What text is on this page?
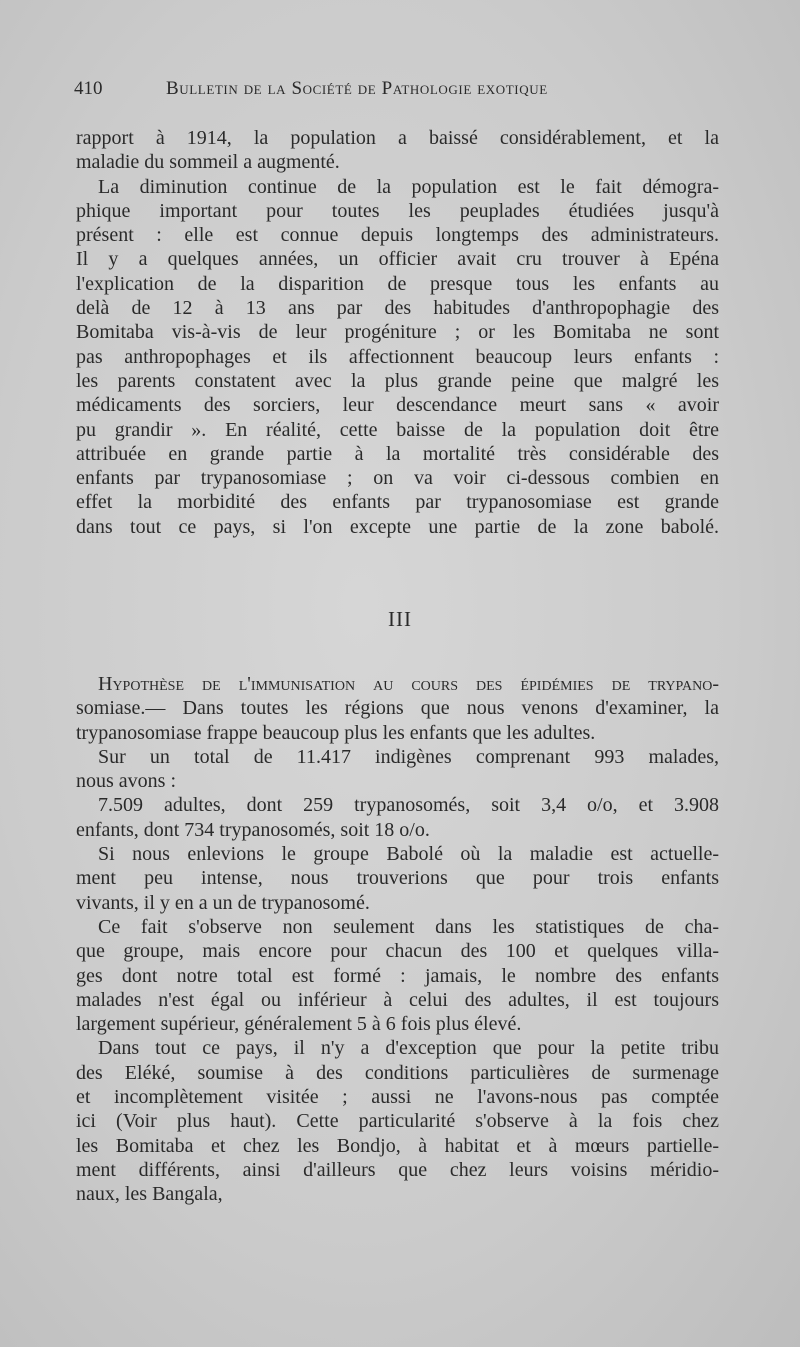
410	Bulletin de la Société de Pathologie exotique
rapport à 1914, la population a baissé considérablement, et la
maladie du sommeil a augmenté.
La diminution continue de la population est le fait démogra-
phique important pour toutes les peuplades étudiées jusqu'à
présent : elle est connue depuis longtemps des administrateurs.
Il y a quelques années, un officier avait cru trouver à Epéna
l'explication de la disparition de presque tous les enfants au
delà de 12 à 13 ans par des habitudes d'anthropophagie des
Bomitaba vis-à-vis de leur progéniture ; or les Bomitaba ne sont
pas anthropophages et ils affectionnent beaucoup leurs enfants :
les parents constatent avec la plus grande peine que malgré les
médicaments des sorciers, leur descendance meurt sans « avoir
pu grandir ». En réalité, cette baisse de la population doit être
attribuée en grande partie à la mortalité très considérable des
enfants par trypanosomiase ; on va voir ci-dessous combien en
effet la morbidité des enfants par trypanosomiase est grande
dans tout ce pays, si l'on excepte une partie de la zone babolé.
III
Hypothèse de l'immunisation au cours des épidémies de trypano-
somiase.— Dans toutes les régions que nous venons d'examiner, la
trypanosomiase frappe beaucoup plus les enfants que les adultes.
Sur un total de 11.417 indigènes comprenant 993 malades,
nous avons :
7.509 adultes, dont 259 trypanosomés, soit 3,4 o/o, et 3.908
enfants, dont 734 trypanosomés, soit 18 o/o.
Si nous enlevions le groupe Babolé où la maladie est actuelle-
ment peu intense, nous trouverions que pour trois enfants
vivants, il y en a un de trypanosomé.
Ce fait s'observe non seulement dans les statistiques de cha-
que groupe, mais encore pour chacun des 100 et quelques villa-
ges dont notre total est formé : jamais, le nombre des enfants
malades n'est égal ou inférieur à celui des adultes, il est toujours
largement supérieur, généralement 5 à 6 fois plus élevé.
Dans tout ce pays, il n'y a d'exception que pour la petite tribu
des Eléké, soumise à des conditions particulières de surmenage
et incomplètement visitée ; aussi ne l'avons-nous pas comptée
ici (Voir plus haut). Cette particularité s'observe à la fois chez
les Bomitaba et chez les Bondjo, à habitat et à mœurs partielle-
ment différents, ainsi d'ailleurs que chez leurs voisins méridio-
naux, les Bangala,
